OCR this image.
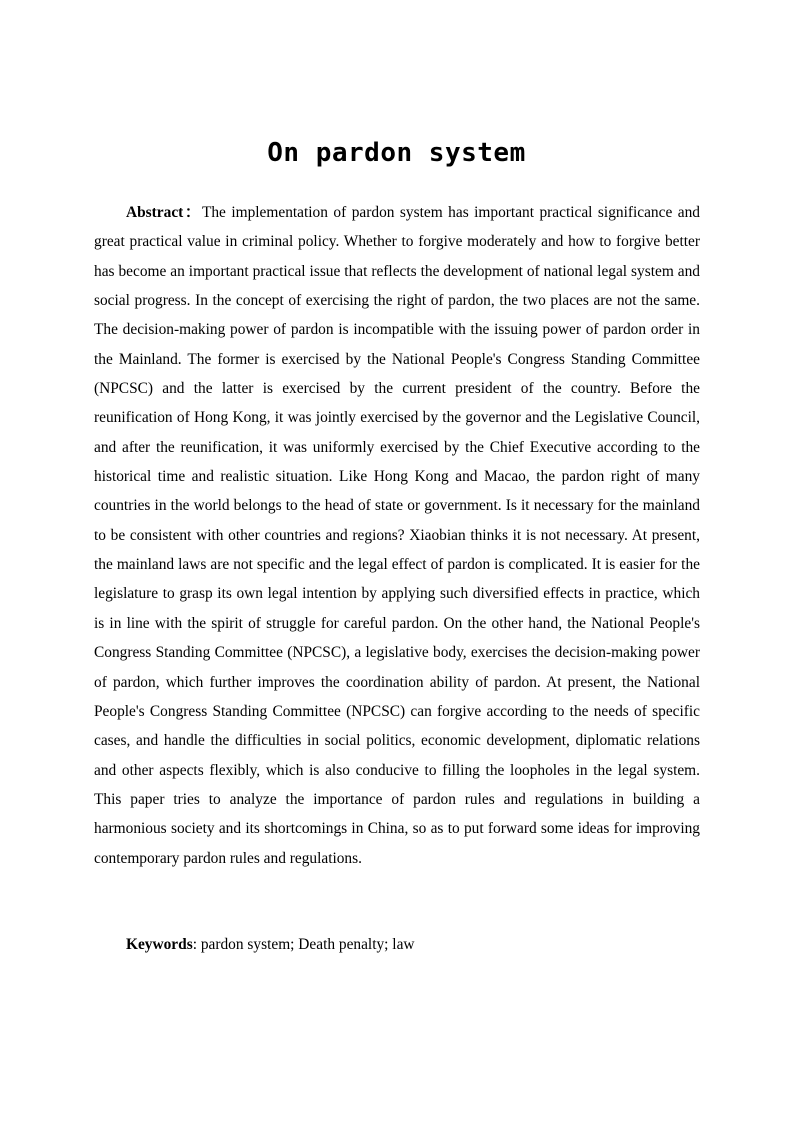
On pardon system

Abstract：The implementation of pardon system has important practical significance and great practical value in criminal policy. Whether to forgive moderately and how to forgive better has become an important practical issue that reflects the development of national legal system and social progress. In the concept of exercising the right of pardon, the two places are not the same. The decision-making power of pardon is incompatible with the issuing power of pardon order in the Mainland. The former is exercised by the National People's Congress Standing Committee (NPCSC) and the latter is exercised by the current president of the country. Before the reunification of Hong Kong, it was jointly exercised by the governor and the Legislative Council, and after the reunification, it was uniformly exercised by the Chief Executive according to the historical time and realistic situation. Like Hong Kong and Macao, the pardon right of many countries in the world belongs to the head of state or government. Is it necessary for the mainland to be consistent with other countries and regions? Xiaobian thinks it is not necessary. At present, the mainland laws are not specific and the legal effect of pardon is complicated. It is easier for the legislature to grasp its own legal intention by applying such diversified effects in practice, which is in line with the spirit of struggle for careful pardon. On the other hand, the National People's Congress Standing Committee (NPCSC), a legislative body, exercises the decision-making power of pardon, which further improves the coordination ability of pardon. At present, the National People's Congress Standing Committee (NPCSC) can forgive according to the needs of specific cases, and handle the difficulties in social politics, economic development, diplomatic relations and other aspects flexibly, which is also conducive to filling the loopholes in the legal system. This paper tries to analyze the importance of pardon rules and regulations in building a harmonious society and its shortcomings in China, so as to put forward some ideas for improving contemporary pardon rules and regulations.

Keywords: pardon system; Death penalty; law
